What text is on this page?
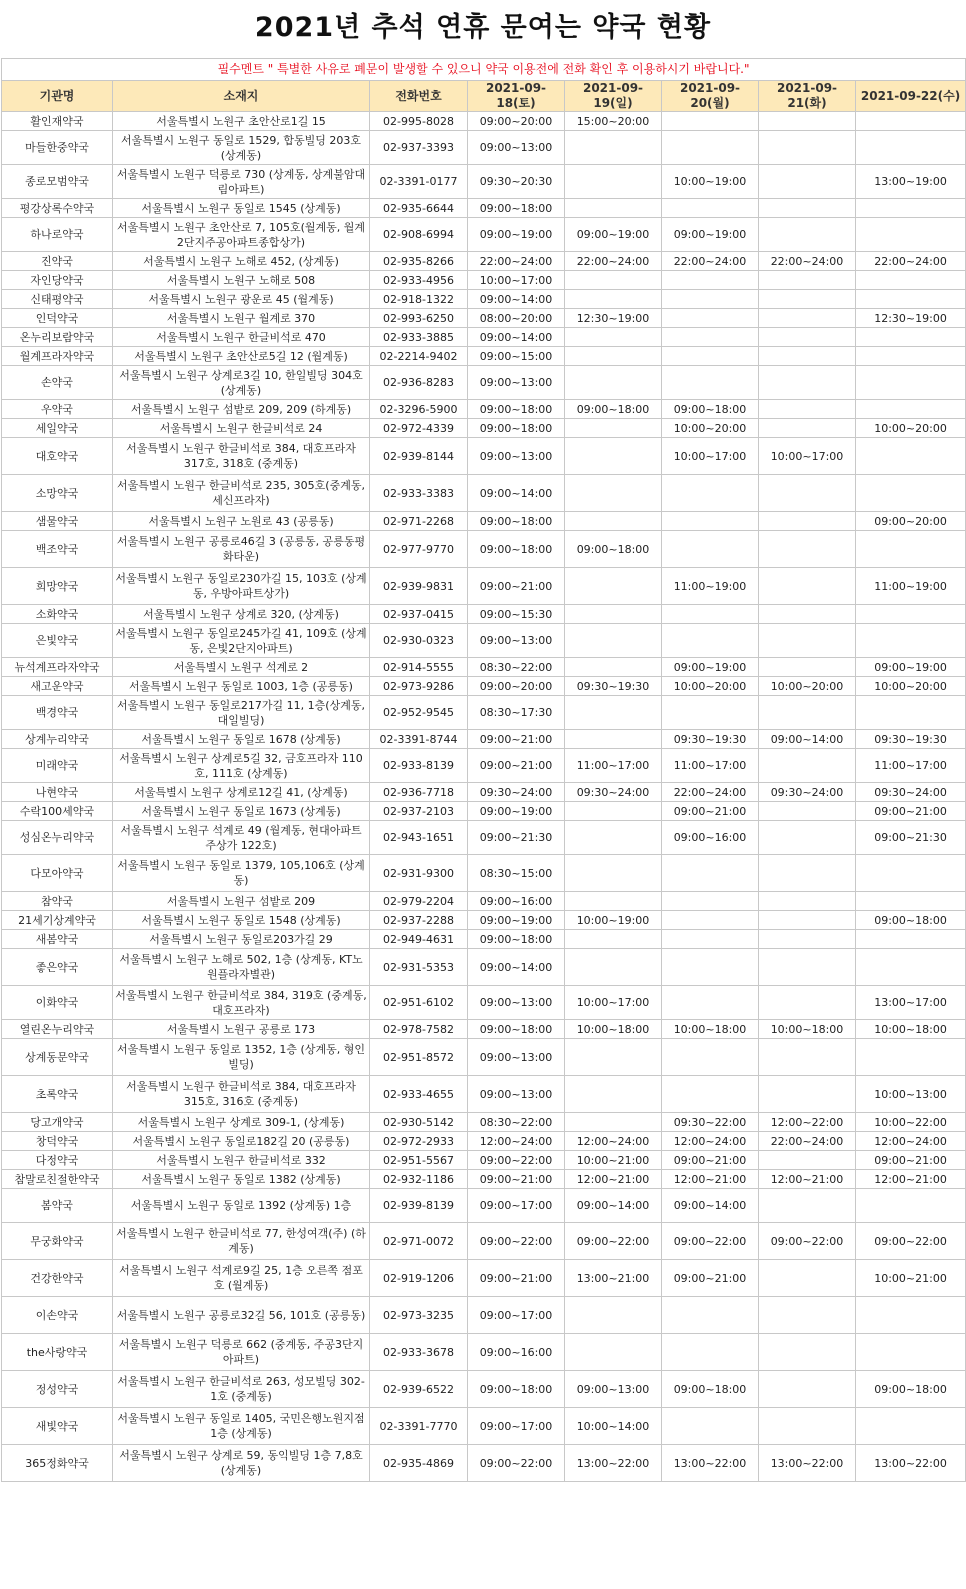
2021년 추석 연휴 문여는 약국 현황
필수멘트 " 특별한 사유로 폐문이 발생할 수 있으니 약국 이용전에 전화 확인 후 이용하시기 바랍니다."							
기관명	소재지	전화번호	2021-09-18(토)	2021-09-19(일)	2021-09-20(월)	2021-09-21(화)	2021-09-22(수)
활인재약국	서울특별시 노원구 초안산로1길 15	02-995-8028	09:00~20:00	15:00~20:00			
마들한중약국	서울특별시 노원구 동일로 1529, 합동빌딩 203호 (상계동)	02-937-3393	09:00~13:00				
종로모범약국	서울특별시 노원구 덕릉로 730 (상계동, 상계불암대림아파트)	02-3391-0177	09:30~20:30		10:00~19:00		13:00~19:00
평강상록수약국	서울특별시 노원구 동일로 1545 (상계동)	02-935-6644	09:00~18:00				
하나로약국	서울특별시 노원구 초안산로 7, 105호(월계동, 월계2단지주공아파트종합상가)	02-908-6994	09:00~19:00	09:00~19:00	09:00~19:00		
진약국	서울특별시 노원구 노해로 452, (상계동)	02-935-8266	22:00~24:00	22:00~24:00	22:00~24:00	22:00~24:00	22:00~24:00
자인당약국	서울특별시 노원구 노해로 508	02-933-4956	10:00~17:00				
신태평약국	서울특별시 노원구 광운로 45 (월계동)	02-918-1322	09:00~14:00				
인덕약국	서울특별시 노원구 월계로 370	02-993-6250	08:00~20:00	12:30~19:00			12:30~19:00
온누리보람약국	서울특별시 노원구 한글비석로 470	02-933-3885	09:00~14:00				
월계프라자약국	서울특별시 노원구 초안산로5길 12 (월계동)	02-2214-9402	09:00~15:00				
손약국	서울특별시 노원구 상계로3길 10, 한일빌딩 304호 (상계동)	02-936-8283	09:00~13:00				
우약국	서울특별시 노원구 섬밭로 209, 209 (하계동)	02-3296-5900	09:00~18:00	09:00~18:00	09:00~18:00		
세일약국	서울특별시 노원구 한글비석로 24	02-972-4339	09:00~18:00		10:00~20:00		10:00~20:00
대호약국	서울특별시 노원구 한글비석로 384, 대호프라자 317호, 318호 (중계동)	02-939-8144	09:00~13:00		10:00~17:00	10:00~17:00	
소망약국	서울특별시 노원구 한글비석로 235, 305호(중계동,세신프라자)	02-933-3383	09:00~14:00				
샘물약국	서울특별시 노원구 노원로 43 (공릉동)	02-971-2268	09:00~18:00				09:00~20:00
백조약국	서울특별시 노원구 공릉로46길 3 (공릉동, 공릉동평화타운)	02-977-9770	09:00~18:00	09:00~18:00			
희망약국	서울특별시 노원구 동일로230가길 15, 103호 (상계동, 우방아파트상가)	02-939-9831	09:00~21:00		11:00~19:00		11:00~19:00
소화약국	서울특별시 노원구 상계로 320, (상계동)	02-937-0415	09:00~15:30				
은빛약국	서울특별시 노원구 동일로245가길 41, 109호 (상계동, 은빛2단지아파트)	02-930-0323	09:00~13:00				
뉴석계프라자약국	서울특별시 노원구 석계로 2	02-914-5555	08:30~22:00		09:00~19:00		09:00~19:00
새고운약국	서울특별시 노원구 동일로 1003, 1층 (공릉동)	02-973-9286	09:00~20:00	09:30~19:30	10:00~20:00	10:00~20:00	10:00~20:00
백경약국	서울특별시 노원구 동일로217가길 11, 1층(상계동,대일빌딩)	02-952-9545	08:30~17:30				
상계누리약국	서울특별시 노원구 동일로 1678 (상계동)	02-3391-8744	09:00~21:00		09:30~19:30	09:00~14:00	09:30~19:30
미래약국	서울특별시 노원구 상계로5길 32, 금호프라자 110호, 111호 (상계동)	02-933-8139	09:00~21:00	11:00~17:00	11:00~17:00		11:00~17:00
나현약국	서울특별시 노원구 상계로12길 41, (상계동)	02-936-7718	09:30~24:00	09:30~24:00	22:00~24:00	09:30~24:00	09:30~24:00
수락100세약국	서울특별시 노원구 동일로 1673 (상계동)	02-937-2103	09:00~19:00		09:00~21:00		09:00~21:00
성심온누리약국	서울특별시 노원구 석계로 49 (월계동, 현대아파트 주상가 122호)	02-943-1651	09:00~21:30		09:00~16:00		09:00~21:30
다모아약국	서울특별시 노원구 동일로 1379, 105,106호 (상계동)	02-931-9300	08:30~15:00				
참약국	서울특별시 노원구 섬밭로 209	02-979-2204	09:00~16:00				
21세기상계약국	서울특별시 노원구 동일로 1548 (상계동)	02-937-2288	09:00~19:00	10:00~19:00			09:00~18:00
새봄약국	서울특별시 노원구 동일로203가길 29	02-949-4631	09:00~18:00				
좋은약국	서울특별시 노원구 노해로 502, 1층 (상계동, KT노원플라자별관)	02-931-5353	09:00~14:00				
이화약국	서울특별시 노원구 한글비석로 384, 319호 (중계동, 대호프라자)	02-951-6102	09:00~13:00	10:00~17:00			13:00~17:00
열린온누리약국	서울특별시 노원구 공릉로 173	02-978-7582	09:00~18:00	10:00~18:00	10:00~18:00	10:00~18:00	10:00~18:00
상계동문약국	서울특별시 노원구 동일로 1352, 1층 (상계동, 형인빌딩)	02-951-8572	09:00~13:00				
초록약국	서울특별시 노원구 한글비석로 384, 대호프라자 315호, 316호 (중계동)	02-933-4655	09:00~13:00				10:00~13:00
당고개약국	서울특별시 노원구 상계로 309-1, (상계동)	02-930-5142	08:30~22:00		09:30~22:00	12:00~22:00	10:00~22:00
창덕약국	서울특별시 노원구 동일로182길 20 (공릉동)	02-972-2933	12:00~24:00	12:00~24:00	12:00~24:00	22:00~24:00	12:00~24:00
다정약국	서울특별시 노원구 한글비석로 332	02-951-5567	09:00~22:00	10:00~21:00	09:00~21:00		09:00~21:00
참말로친절한약국	서울특별시 노원구 동일로 1382 (상계동)	02-932-1186	09:00~21:00	12:00~21:00	12:00~21:00	12:00~21:00	12:00~21:00
봄약국	서울특별시 노원구 동일로 1392 (상계동) 1층	02-939-8139	09:00~17:00	09:00~14:00	09:00~14:00		
무궁화약국	서울특별시 노원구 한글비석로 77, 한성여객(주) (하계동)	02-971-0072	09:00~22:00	09:00~22:00	09:00~22:00	09:00~22:00	09:00~22:00
건강한약국	서울특별시 노원구 석계로9길 25, 1층 오른쪽 점포호 (월계동)	02-919-1206	09:00~21:00	13:00~21:00	09:00~21:00		10:00~21:00
이손약국	서울특별시 노원구 공릉로32길 56, 101호 (공릉동)	02-973-3235	09:00~17:00				
the사랑약국	서울특별시 노원구 덕릉로 662 (중계동, 주공3단지아파트)	02-933-3678	09:00~16:00				
정성약국	서울특별시 노원구 한글비석로 263, 성모빌딩 302-1호 (중계동)	02-939-6522	09:00~18:00	09:00~13:00	09:00~18:00		09:00~18:00
새빛약국	서울특별시 노원구 동일로 1405, 국민은행노원지점 1층 (상계동)	02-3391-7770	09:00~17:00	10:00~14:00			
365정화약국	서울특별시 노원구 상계로 59, 동익빌딩 1층 7,8호 (상계동)	02-935-4869	09:00~22:00	13:00~22:00	13:00~22:00	13:00~22:00	13:00~22:00
